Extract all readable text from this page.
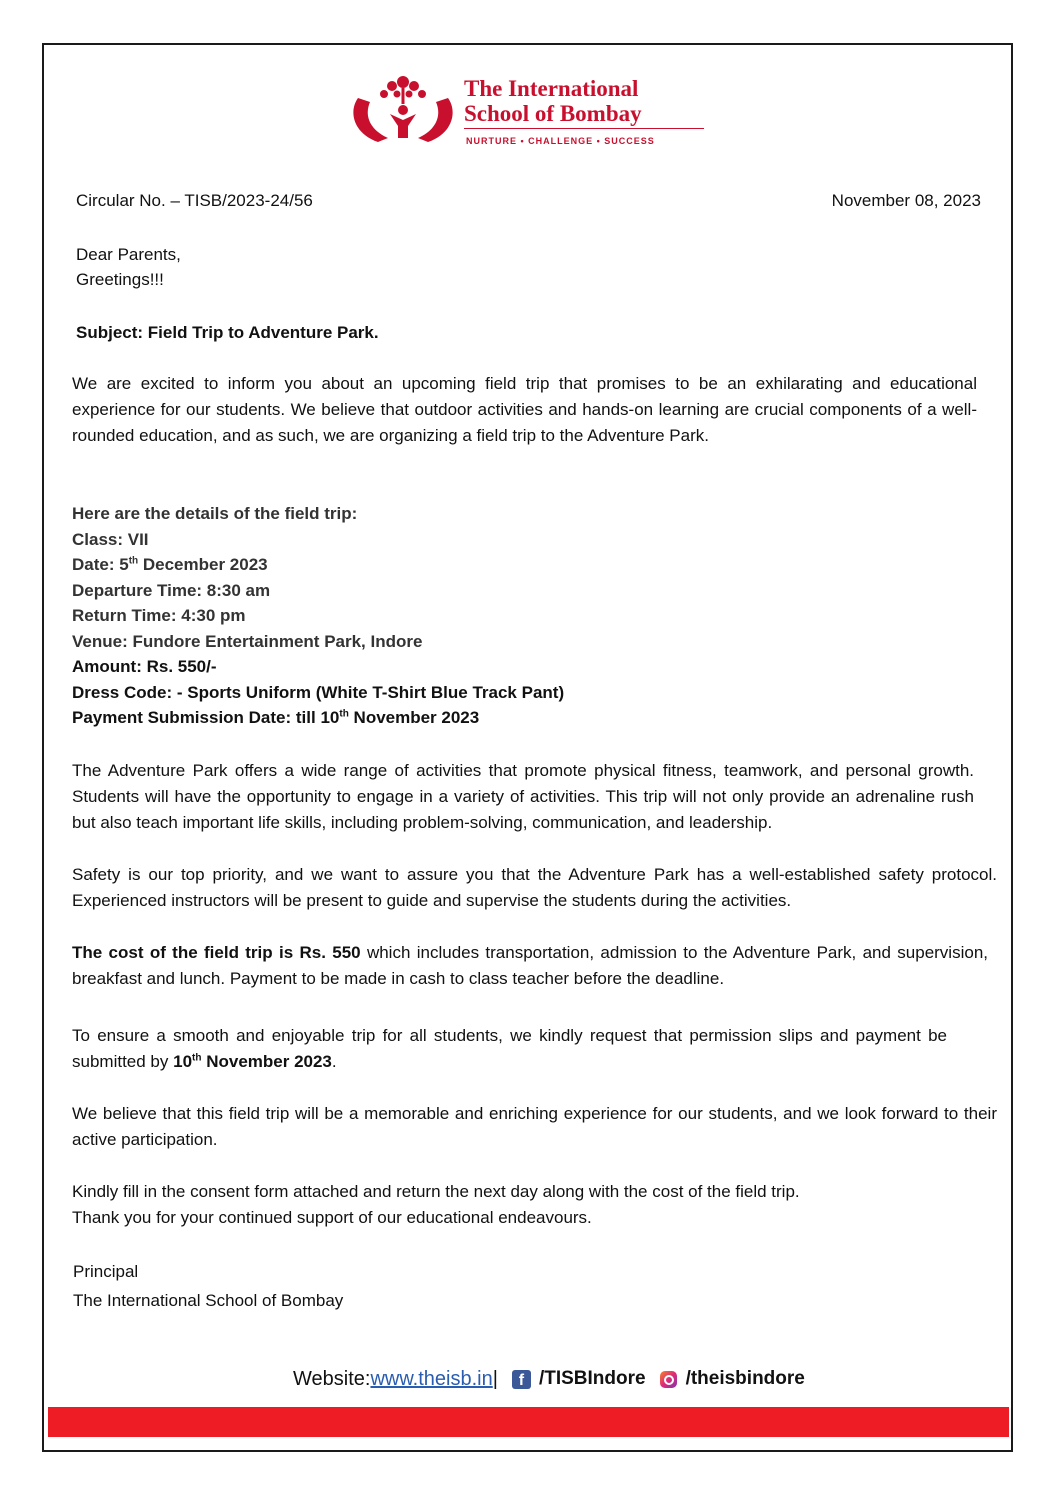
The International
School of Bombay
NURTURE • CHALLENGE • SUCCESS
Circular No. – TISB/2023-24/56	November 08, 2023
Dear Parents,
Greetings!!!
Subject: Field Trip to Adventure Park.
We are excited to inform you about an upcoming field trip that promises to be an exhilarating and educational experience for our students. We believe that outdoor activities and hands-on learning are crucial components of a well-rounded education, and as such, we are organizing a field trip to the Adventure Park.
Here are the details of the field trip:
Class: VII
Date: 5th December 2023
Departure Time: 8:30 am
Return Time: 4:30 pm
Venue: Fundore Entertainment Park, Indore
Amount: Rs. 550/-
Dress Code: - Sports Uniform (White T-Shirt Blue Track Pant)
Payment Submission Date: till 10th November 2023
The Adventure Park offers a wide range of activities that promote physical fitness, teamwork, and personal growth. Students will have the opportunity to engage in a variety of activities. This trip will not only provide an adrenaline rush but also teach important life skills, including problem-solving, communication, and leadership.
Safety is our top priority, and we want to assure you that the Adventure Park has a well-established safety protocol. Experienced instructors will be present to guide and supervise the students during the activities.
The cost of the field trip is Rs. 550 which includes transportation, admission to the Adventure Park, and supervision, breakfast and lunch. Payment to be made in cash to class teacher before the deadline.
To ensure a smooth and enjoyable trip for all students, we kindly request that permission slips and payment be submitted by 10th November 2023.
We believe that this field trip will be a memorable and enriching experience for our students, and we look forward to their active participation.
Kindly fill in the consent form attached and return the next day along with the cost of the field trip.
Thank you for your continued support of our educational endeavours.
Principal
The International School of Bombay
Website: www.theisb.in |	f /TISBIndore /theisbindore
